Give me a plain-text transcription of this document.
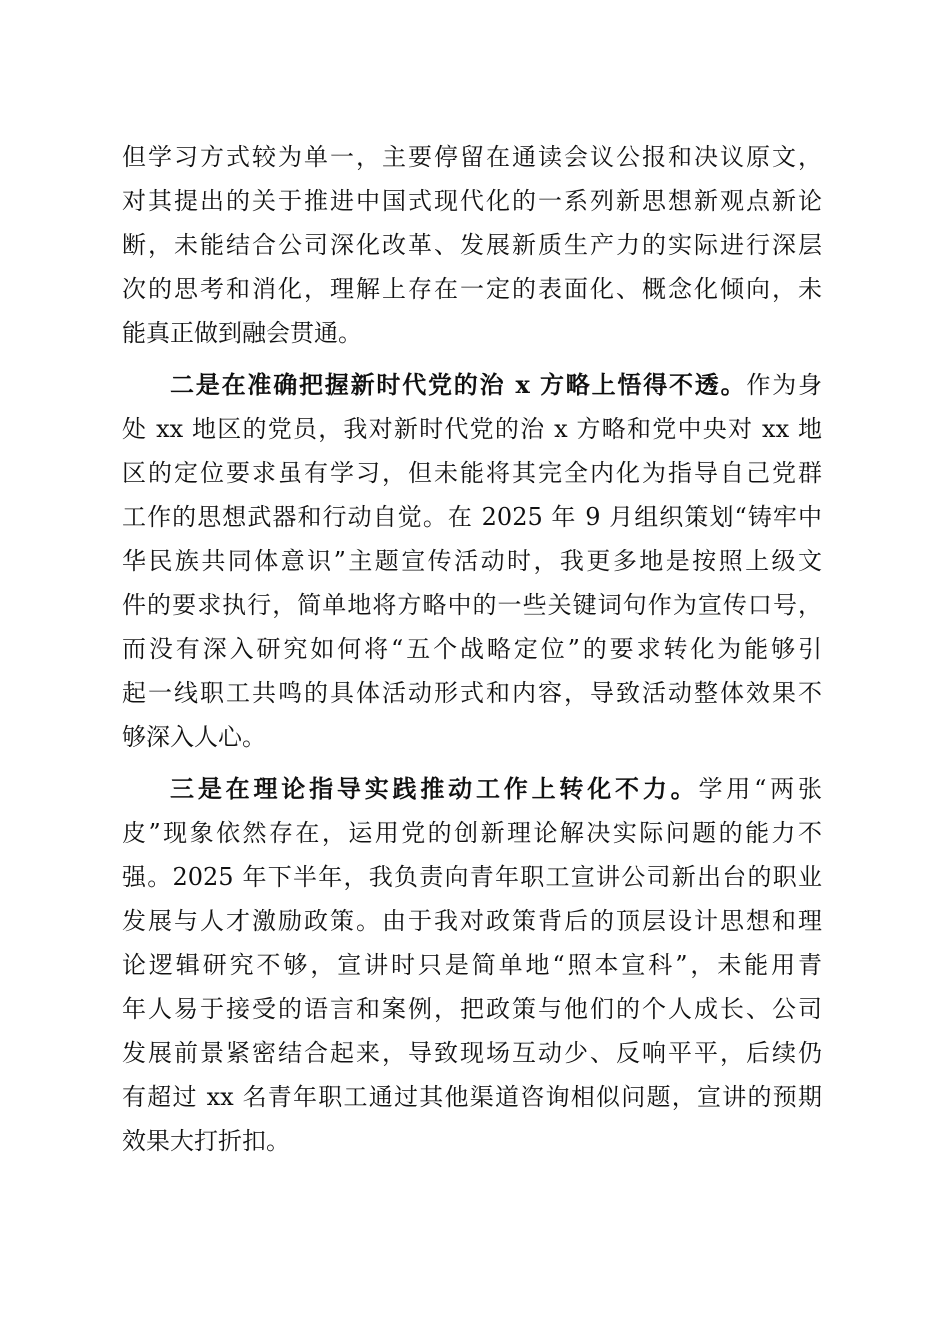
但学习方式较为单一，主要停留在通读会议公报和决议原文，
对其提出的关于推进中国式现代化的一系列新思想新观点新论
断，未能结合公司深化改革、发展新质生产力的实际进行深层
次的思考和消化，理解上存在一定的表面化、概念化倾向，未
能真正做到融会贯通。
二是在准确把握新时代党的治 x 方略上悟得不透。作为身
处 xx 地区的党员，我对新时代党的治 x 方略和党中央对 xx 地
区的定位要求虽有学习，但未能将其完全内化为指导自己党群
工作的思想武器和行动自觉。在 2025 年 9 月组织策划“铸牢中
华民族共同体意识”主题宣传活动时，我更多地是按照上级文
件的要求执行，简单地将方略中的一些关键词句作为宣传口号，
而没有深入研究如何将“五个战略定位”的要求转化为能够引
起一线职工共鸣的具体活动形式和内容，导致活动整体效果不
够深入人心。
三是在理论指导实践推动工作上转化不力。学用“两张
皮”现象依然存在，运用党的创新理论解决实际问题的能力不
强。2025 年下半年，我负责向青年职工宣讲公司新出台的职业
发展与人才激励政策。由于我对政策背后的顶层设计思想和理
论逻辑研究不够，宣讲时只是简单地“照本宣科”，未能用青
年人易于接受的语言和案例，把政策与他们的个人成长、公司
发展前景紧密结合起来，导致现场互动少、反响平平，后续仍
有超过 xx 名青年职工通过其他渠道咨询相似问题，宣讲的预期
效果大打折扣。
